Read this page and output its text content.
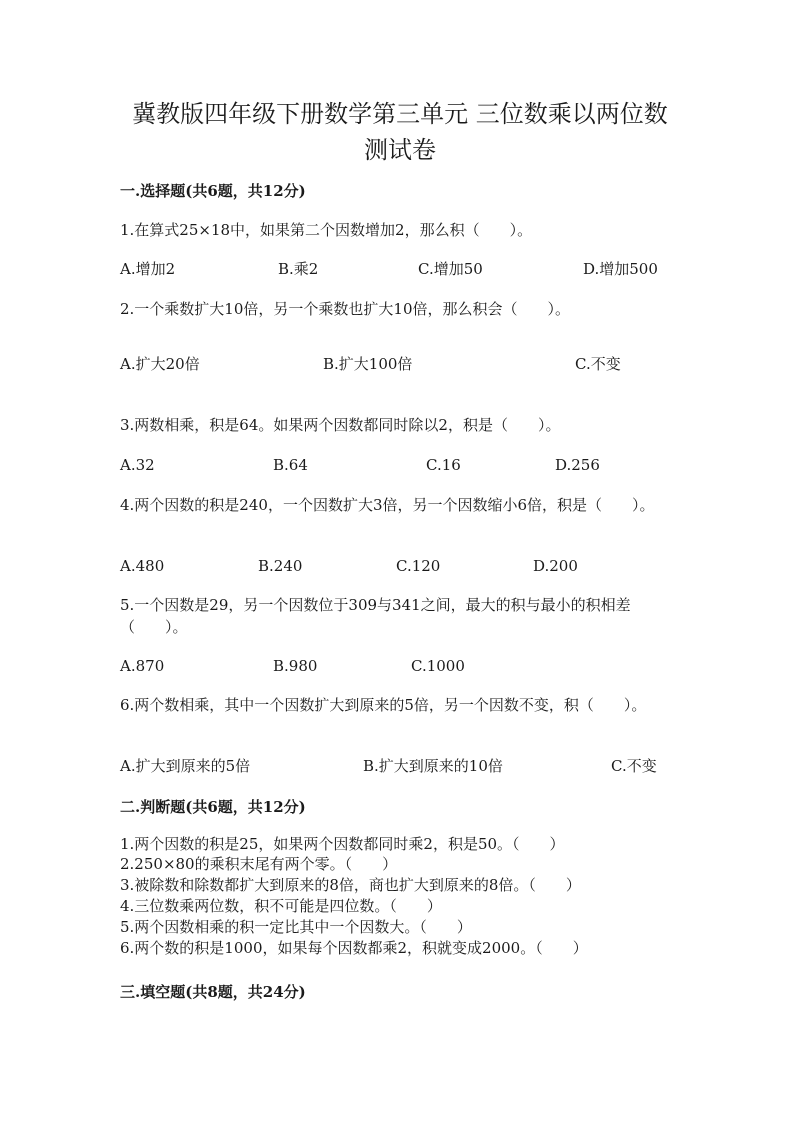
冀教版四年级下册数学第三单元 三位数乘以两位数
测试卷
一.选择题(共6题，共12分)
1.在算式25×18中，如果第二个因数增加2，那么积（　　）。
A.增加2	B.乘2	C.增加50	D.增加500
2.一个乘数扩大10倍，另一个乘数也扩大10倍，那么积会（　　）。
A.扩大20倍	B.扩大100倍	C.不变
3.两数相乘，积是64。如果两个因数都同时除以2，积是（　　）。
A.32	B.64	C.16	D.256
4.两个因数的积是240，一个因数扩大3倍，另一个因数缩小6倍，积是（　　）。
A.480	B.240	C.120	D.200
5.一个因数是29，另一个因数位于309与341之间，最大的积与最小的积相差（　　）。
A.870	B.980	C.1000
6.两个数相乘，其中一个因数扩大到原来的5倍，另一个因数不变，积（　　）。
A.扩大到原来的5倍	B.扩大到原来的10倍	C.不变
二.判断题(共6题，共12分)
1.两个因数的积是25，如果两个因数都同时乘2，积是50。（　　）
2.250×80的乘积末尾有两个零。（　　）
3.被除数和除数都扩大到原来的8倍，商也扩大到原来的8倍。（　　）
4.三位数乘两位数，积不可能是四位数。（　　）
5.两个因数相乘的积一定比其中一个因数大。（　　）
6.两个数的积是1000，如果每个因数都乘2，积就变成2000。（　　）
三.填空题(共8题，共24分)
